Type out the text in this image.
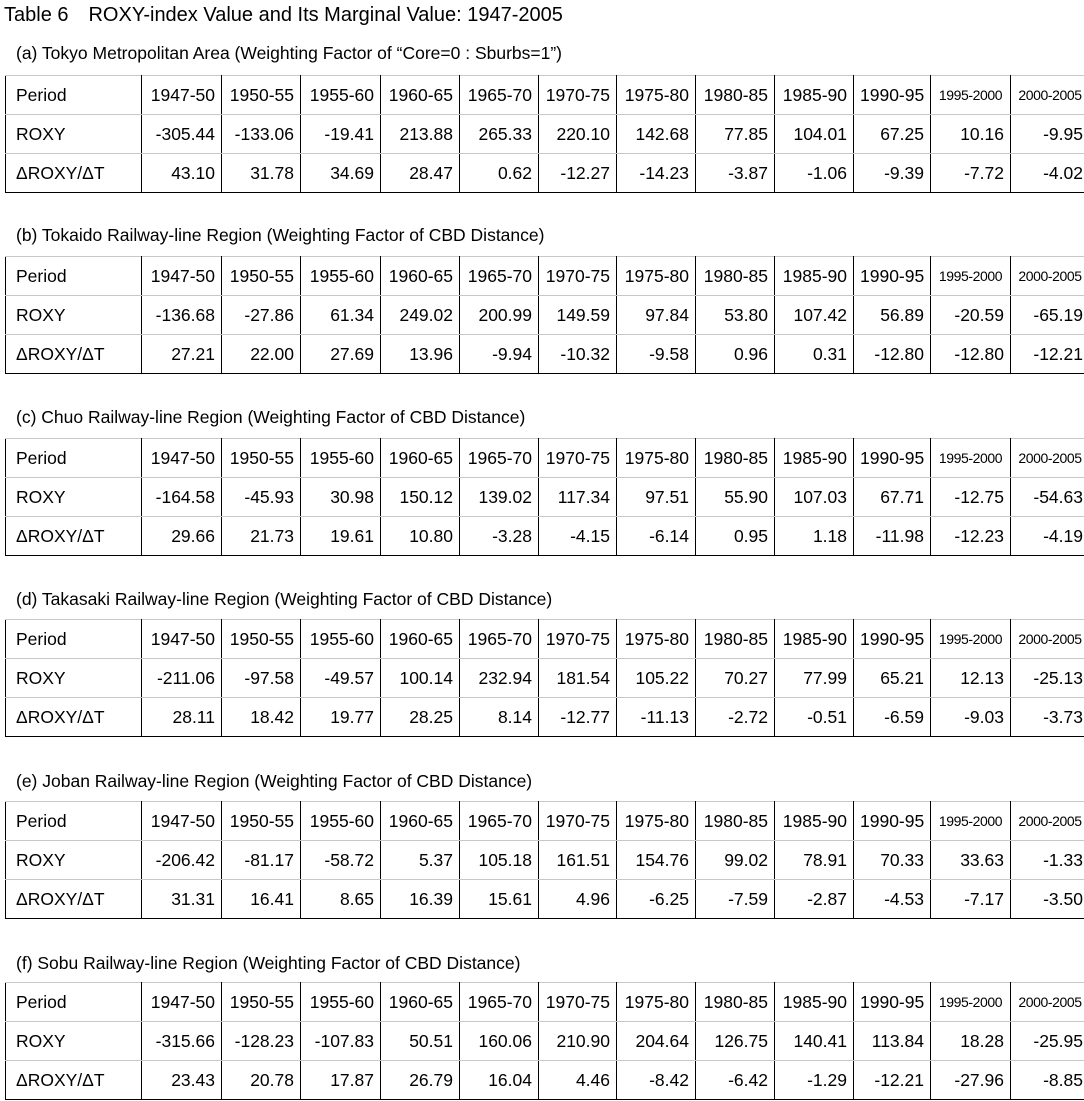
Table 6　ROXY-index Value and Its Marginal Value: 1947-2005
(a) Tokyo Metropolitan Area (Weighting Factor of “Core=0 : Sburbs=1”)
Period	1947-50	1950-55	1955-60	1960-65	1965-70	1970-75	1975-80	1980-85	1985-90	1990-95	1995-2000	2000-2005
ROXY	-305.44	-133.06	-19.41	213.88	265.33	220.10	142.68	77.85	104.01	67.25	10.16	-9.95
ΔROXY/ΔT	43.10	31.78	34.69	28.47	0.62	-12.27	-14.23	-3.87	-1.06	-9.39	-7.72	-4.02
(b) Tokaido Railway-line Region (Weighting Factor of CBD Distance)
Period	1947-50	1950-55	1955-60	1960-65	1965-70	1970-75	1975-80	1980-85	1985-90	1990-95	1995-2000	2000-2005
ROXY	-136.68	-27.86	61.34	249.02	200.99	149.59	97.84	53.80	107.42	56.89	-20.59	-65.19
ΔROXY/ΔT	27.21	22.00	27.69	13.96	-9.94	-10.32	-9.58	0.96	0.31	-12.80	-12.80	-12.21
(c) Chuo Railway-line Region (Weighting Factor of CBD Distance)
Period	1947-50	1950-55	1955-60	1960-65	1965-70	1970-75	1975-80	1980-85	1985-90	1990-95	1995-2000	2000-2005
ROXY	-164.58	-45.93	30.98	150.12	139.02	117.34	97.51	55.90	107.03	67.71	-12.75	-54.63
ΔROXY/ΔT	29.66	21.73	19.61	10.80	-3.28	-4.15	-6.14	0.95	1.18	-11.98	-12.23	-4.19
(d) Takasaki Railway-line Region (Weighting Factor of CBD Distance)
Period	1947-50	1950-55	1955-60	1960-65	1965-70	1970-75	1975-80	1980-85	1985-90	1990-95	1995-2000	2000-2005
ROXY	-211.06	-97.58	-49.57	100.14	232.94	181.54	105.22	70.27	77.99	65.21	12.13	-25.13
ΔROXY/ΔT	28.11	18.42	19.77	28.25	8.14	-12.77	-11.13	-2.72	-0.51	-6.59	-9.03	-3.73
(e) Joban Railway-line Region (Weighting Factor of CBD Distance)
Period	1947-50	1950-55	1955-60	1960-65	1965-70	1970-75	1975-80	1980-85	1985-90	1990-95	1995-2000	2000-2005
ROXY	-206.42	-81.17	-58.72	5.37	105.18	161.51	154.76	99.02	78.91	70.33	33.63	-1.33
ΔROXY/ΔT	31.31	16.41	8.65	16.39	15.61	4.96	-6.25	-7.59	-2.87	-4.53	-7.17	-3.50
(f) Sobu Railway-line Region (Weighting Factor of CBD Distance)
Period	1947-50	1950-55	1955-60	1960-65	1965-70	1970-75	1975-80	1980-85	1985-90	1990-95	1995-2000	2000-2005
ROXY	-315.66	-128.23	-107.83	50.51	160.06	210.90	204.64	126.75	140.41	113.84	18.28	-25.95
ΔROXY/ΔT	23.43	20.78	17.87	26.79	16.04	4.46	-8.42	-6.42	-1.29	-12.21	-27.96	-8.85
